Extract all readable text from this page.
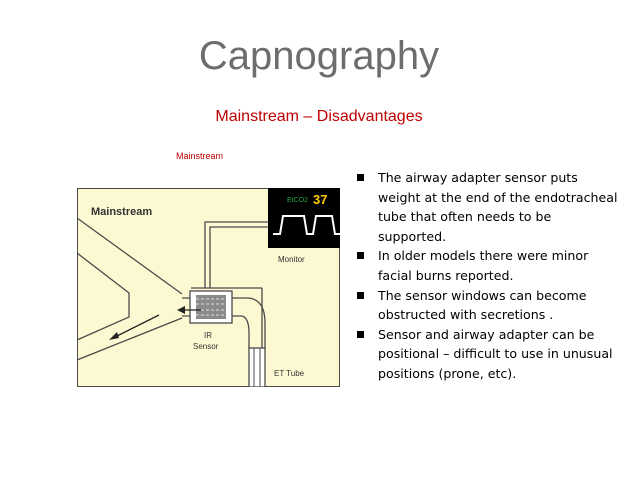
Capnography
Mainstream – Disadvantages
Mainstream
EtCO2 37
Mainstream
Monitor
IR
Sensor
ET Tube
The airway adapter sensor puts weight at the end of the endotracheal tube that often needs to be supported.
In older models there were minor facial burns reported.
The sensor windows can become obstructed with secretions .
Sensor and airway adapter can be positional – difficult to use in unusual positions (prone, etc).
